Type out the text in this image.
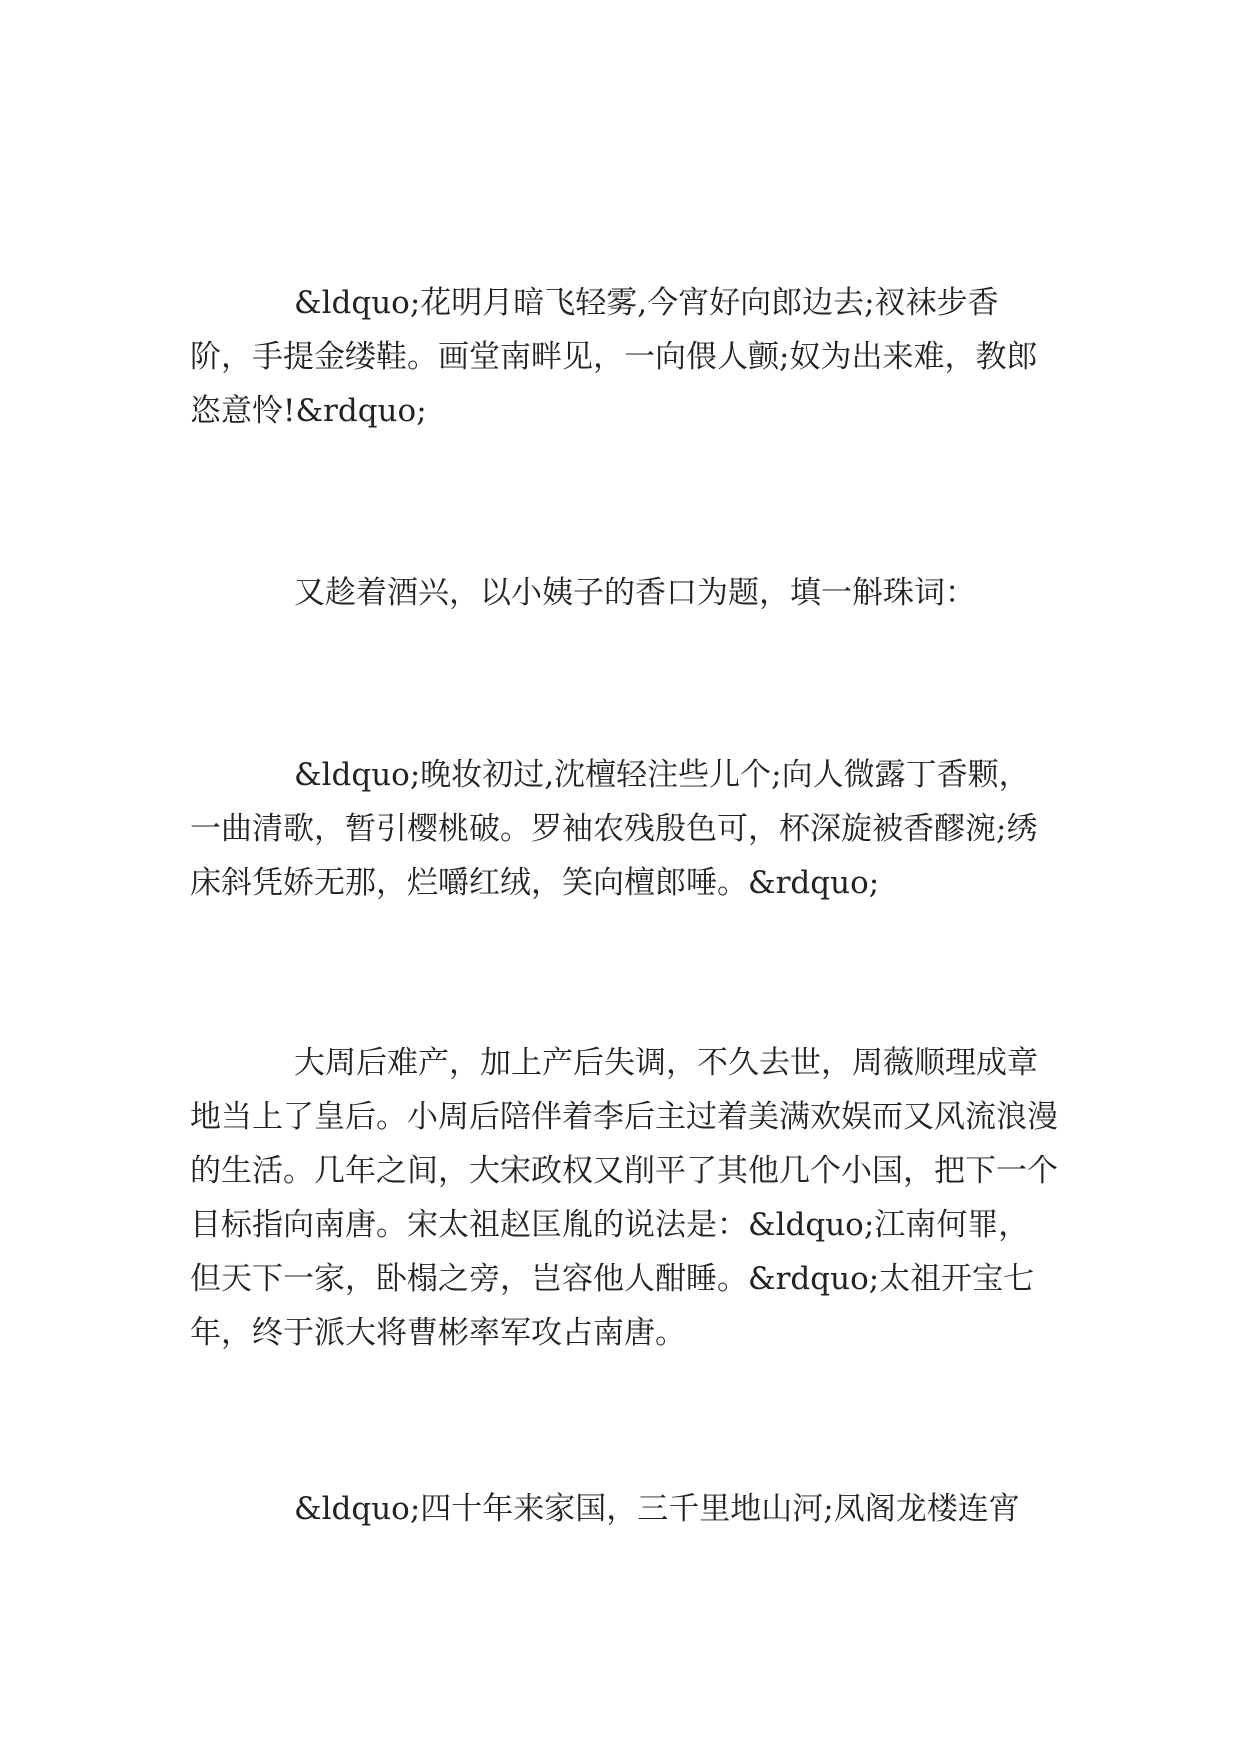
&ldquo;花明月暗飞轻雾,今宵好向郎边去;衩袜步香阶，手提金缕鞋。画堂南畔见，一向偎人颤;奴为出来难，教郎恣意怜!&rdquo;

又趁着酒兴，以小姨子的香口为题，填一斛珠词：

&ldquo;晚妆初过,沈檀轻注些儿个;向人微露丁香颗，一曲清歌，暂引樱桃破。罗袖农残殷色可，杯深旋被香醪涴;绣床斜凭娇无那，烂嚼红绒，笑向檀郎唾。&rdquo;

大周后难产，加上产后失调，不久去世，周薇顺理成章地当上了皇后。小周后陪伴着李后主过着美满欢娱而又风流浪漫的生活。几年之间，大宋政权又削平了其他几个小国，把下一个目标指向南唐。宋太祖赵匡胤的说法是：&ldquo;江南何罪，但天下一家，卧榻之旁，岂容他人酣睡。&rdquo;太祖开宝七年，终于派大将曹彬率军攻占南唐。

&ldquo;四十年来家国，三千里地山河;凤阁龙楼连宵
